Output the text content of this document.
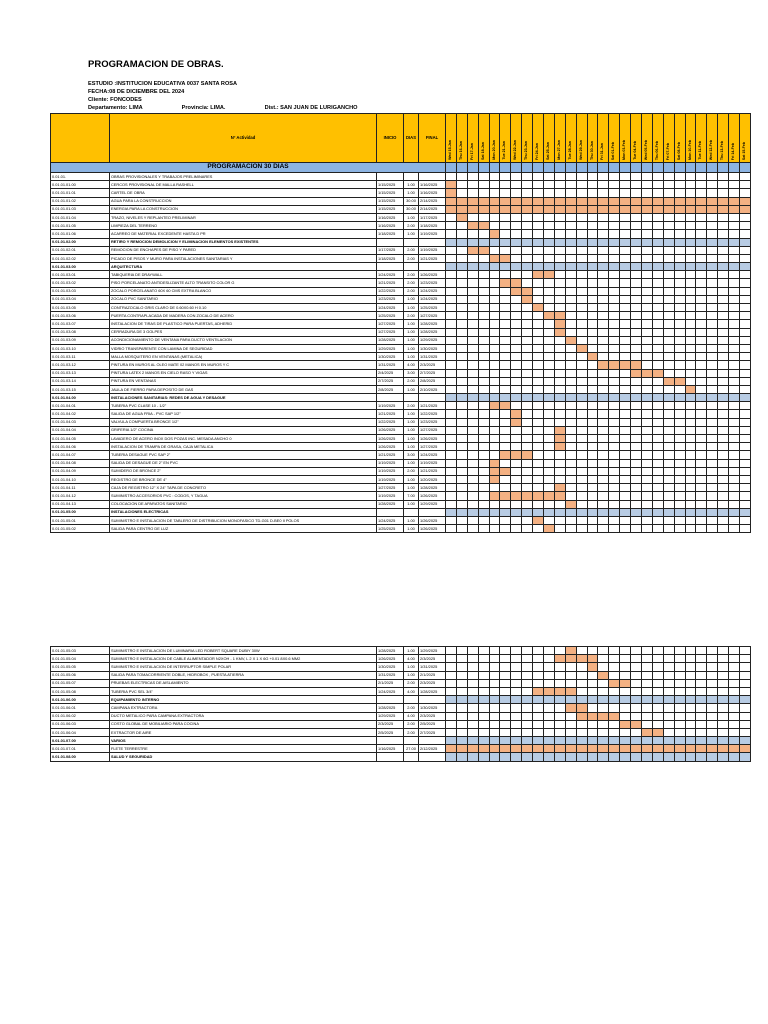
PROGRAMACION DE OBRAS.
ESTUDIO :INSTITUCION EDUCATIVA 0037 SANTA ROSA
FECHA:08 DE DICIEMBRE DEL 2024
Cliente: FONCODES
Departamento: LIMA	Provincia: LIMA.	Dist.: SAN JUAN DE LURIGANCHO
	N° Actividad	INICIO	DIAS	FINAL	Wed 15-Jan	Thu 16-Jan	Fri 17-Jan	Sat 18-Jan	Mon 20-Jan	Tue 21-Jan	Wed 22-Jan	Thu 23-Jan	Fri 24-Jan	Sat 25-Jan	Mon 27-Jan	Tue 28-Jan	Wed 29-Jan	Thu 30-Jan	Fri 31-Jan	Sat 01-Feb	Mon 03-Feb	Tue 04-Feb	Wed 05-Feb	Thu 06-Feb	Fri 07-Feb	Sat 08-Feb	Mon 10-Feb	Tue 11-Feb	Wed 12-Feb	Thu 13-Feb	Fri 14-Feb	Sat 15-Feb

PROGRAMACION 30 DIAS																																
0.01.01.	OBRAS PROVISIONALES Y TRABAJOS PRELIMINARES																															
0.01.01.01.00	CERCOS PROVISIONAL DE MALLA RASHELL	1/15/2025	1.00	1/16/2025																												
0.01.01.01.01	CARTEL DE OBRA	1/15/2025	1.00	1/16/2025																												
0.01.01.01.02	AGUA PARA LA CONSTRUCCION	1/15/2025	30.00	2/14/2025																												
0.01.01.01.03	ENERGIA PARA LA CONSTRUCCION	1/15/2025	30.00	2/14/2025																												
0.01.01.01.04	TRAZO, NIVELES Y REPLANTEO PRELIMINAR	1/16/2025	1.00	1/17/2025																												
0.01.01.01.05	LIMPIEZA DEL TERRENO	1/16/2025	2.00	1/18/2025																												
0.01.01.01.06	ACARREO DE MATERIAL EXCEDENTE HASTA D PR	1/18/2025	1.00	1/19/2025																												
0.01.01.02.00	RETIRO Y REMOCION DEMOLICION Y ELIMINACION ELEMENTOS EXISTENTES																															
0.01.01.02.01	REMOCION DE ENCHAPES DE PISO Y PARED	1/17/2025	2.00	1/19/2025																												
0.01.01.02.02	PICADO DE PISOS Y MURO PARA INSTALACIONES SANITARIAS Y	1/18/2025	2.00	1/21/2025																												
0.01.01.03.00	ARQUITECTURA																															
0.01.01.03.01	TABIQUERIA DE DRAYWALL	1/24/2025	2.00	1/26/2025																												
0.01.01.03.02	PISO PORCELANATO ANTIDESLIZANTE ALTO TRANSITO COLOR G	1/21/2025	2.00	1/23/2025																												
0.01.01.03.03	ZOCALO PORCELANATO 60X 60 CMS EXTRA BLANCO	1/22/2025	2.00	1/24/2025																												
0.01.01.03.04	ZOCALO PVC SANITARIO	1/23/2025	1.00	1/24/2025																												
0.01.01.03.05	CONTRAZOCALO GRIS CLARO DE 0.60X0.60 H 0.10	1/24/2025	1.00	1/25/2025																												
0.01.01.03.06	PUERTA CONTRAPLACADA DE MADERA CON ZOCALO DE ACERO	1/25/2025	2.00	1/27/2025																												
0.01.01.03.07	INSTALACION DE TIRAS DE PLASTICO PARA PUERTAS, ADHERID	1/27/2025	1.00	1/28/2025																												
0.01.01.03.08	CERRADURA DE 3 GOLPES	1/27/2025	1.00	1/28/2025																												
0.01.01.03.09	ACONDICIONAMIENTO DE VENTANA PARA DUCTO VENTILACION	1/28/2025	1.00	1/29/2025																												
0.01.01.03.10	VIDRIO TRANSPARENTE CON LAMINA DE SEGURIDAD	1/29/2025	1.00	1/30/2025																												
0.01.01.03.11	MALLA MOSQUITERO EN VENTANAS (METALICA)	1/30/2025	1.00	1/31/2025																												
0.01.01.03.12	PINTURA EN MUROS AL OLEO MATE 02 MANOS EN MUROS Y C	1/31/2025	4.00	2/3/2025																												
0.01.01.03.13	PINTURA LATEX 2 MANOS EN CIELO RASO Y VIGAS	2/4/2025	3.00	2/7/2025																												
0.01.01.03.14	PINTURA EN VENTANAS	2/7/2025	2.00	2/8/2025																												
0.01.01.03.15	JAULA DE FIERRO PARA DEPOSITO DE GAS	2/8/2025	1.00	2/10/2025																												
0.01.01.04.00	INSTALACIONES SANITARIAS: REDES DE AGUA Y DESAGUE																															
0.01.01.04.01	TUBERIA PVC CLASE 10 - 1/2"	1/19/2025	2.00	1/21/2025																												
0.01.01.04.02	SALIDA DE AGUA FRIA - PVC SAP 1/2"	1/21/2025	1.00	1/22/2025																												
0.01.01.04.03	VALVULA COMPUERTA BRONCE 1/2"	1/22/2025	1.00	1/23/2025																												
0.01.01.04.04	GRIFERIA 1/2" COCINA	1/26/2025	1.00	1/27/2025																												
0.01.01.04.05	LAVADERO DE ACERO INOX DOS POZAS INC. MESADA ANCHO 0	1/26/2025	1.00	1/26/2025																												
0.01.01.04.06	INSTALACION DE TRAMPA DE GRASA, CAJA METALICA	1/26/2025	1.00	1/27/2025																												
0.01.01.04.07	TUBERIA DESAGUE PVC SAP 2"	1/21/2025	3.00	1/24/2025																												
0.01.01.04.08	SALIDA DE DESAGUE DE 2" EN PVC	1/19/2025	1.00	1/19/2025																												
0.01.01.04.09	SUMIDERO DE BRONCE 2"	1/19/2025	2.00	1/21/2025																												
0.01.01.04.10	REGISTRO DE BRONCE DE 4"	1/19/2025	1.00	1/20/2025																												
0.01.01.04.11	CAJA DE REGISTRO 12" X 24" TAPA DE CONCRETO	1/27/2025	1.00	1/28/2025																												
0.01.01.04.12	SUMINISTRO ACCESORIOS PVC : CODOS, Y TAGUA	1/19/2025	7.00	1/26/2025																												
0.01.01.04.13	COLOCACION DE APARATOS SANITARIO	1/28/2025	1.00	1/29/2025																												
0.01.01.05.00	INSTALACIONES ELECTRICAS																															
0.01.01.05.01	SUMINISTRO E INSTALACION DE TABLERO DE DISTRIBUCION MONOFASICO TD-G01 D-BE0 II POLOS	1/24/2025	1.00	1/26/2025																												
0.01.01.05.02	SALIDA PARA CENTRO DE LUZ	1/25/2025	1.00	1/26/2025																												
0.01.01.05.03	SUMINISTRO E INSTALACION DE LUMINARIA LED ROBERT SQUARE DUBIY 30W	1/28/2025	1.00	1/29/2025																												
0.01.01.05.04	SUMINISTRO E INSTALACION DE CABLE ALIMENTADOR N2XOH - 1 KMV, L 2 X 1 X 6G +0.01 8X0.6 MM2	1/26/2025	4.00	2/3/2025																												
0.01.01.05.05	SUMINISTRO E INSTALACION DE INTERRUPTOR SIMPLE POLAR	1/30/2025	1.00	1/31/2025																												
0.01.01.05.06	SALIDA PARA TOMACORRIENTE DOBLE, HIDROBOX , PUESTA ATIERRA	1/31/2025	1.00	2/1/2025																												
0.01.01.05.07	PRUEBAS ELECTRICAS DE AISLAMIENTO	2/1/2025	2.00	2/3/2025																												
0.01.01.05.08	TUBERIA PVC SEL 3/4"	1/24/2025	4.00	1/28/2025																												
0.01.01.06.00	EQUIPAMIENTO INTERNO																															
0.01.01.06.01	CAMPANA EXTRACTORA	1/28/2025	2.00	1/30/2025																												
0.01.01.06.02	DUCTO METALICO PARA CAMPANA EXTRACTORA	1/29/2025	4.00	2/3/2025																												
0.01.01.06.03	COSTO GLOBAL DE MOBILIARIO PARA COCINA	2/3/2025	2.00	2/5/2025																												
0.01.01.06.04	EXTRACTOR DE AIRE	2/5/2025	2.00	2/7/2025																												
0.01.01.07.00	VARIOS																															
0.01.01.07.01	FLETE TERRESTRE	1/16/2025	27.00	2/12/2025																												
0.01.01.08.00	SALUD Y SEGURIDAD																															
